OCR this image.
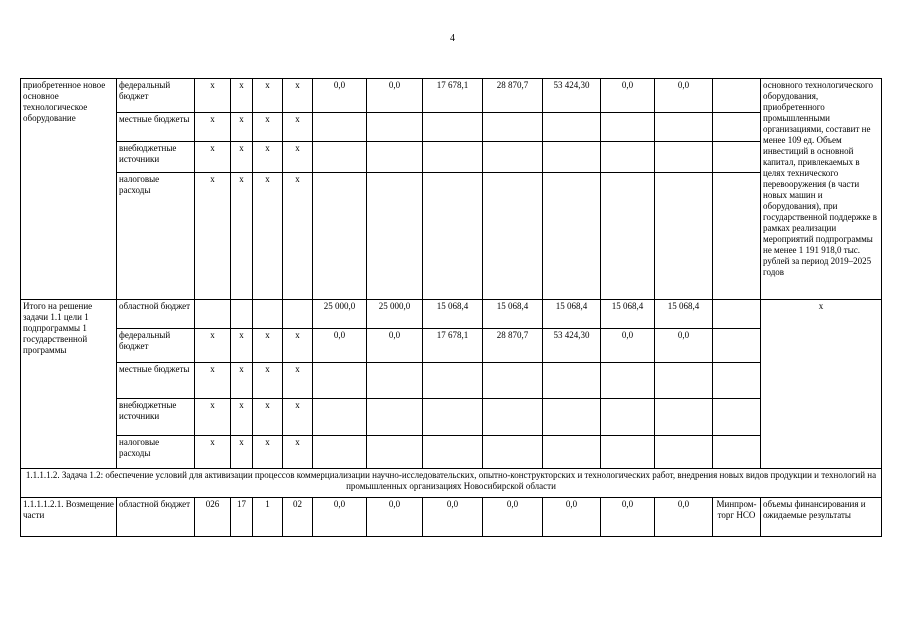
4
приобретенное новое основное технологическое оборудование	федеральный бюджет	х	х	х	х	0,0	0,0	17 678,1	28 870,7	53 424,30	0,0	0,0		основного технологического оборудования, приобретенного промышленными организациями, составит не менее 109 ед. Объем инвестиций в основной капитал, привлекаемых в целях технического перевооружения (в части новых машин и оборудования), при государственной поддержке в рамках реализации мероприятий подпрограммы не менее 1 191 918,0 тыс. рублей за период 2019–2025 годов
	местные бюджеты	х	х	х	х									
	внебюджетные источники	х	х	х	х									
	налоговые расходы	х	х	х	х									
Итого на решение задачи 1.1 цели 1 подпрограммы 1 государственной программы	областной бюджет					25 000,0	25 000,0	15 068,4	15 068,4	15 068,4	15 068,4	15 068,4		х
	федеральный бюджет	х	х	х	х	0,0	0,0	17 678,1	28 870,7	53 424,30	0,0	0,0		
	местные бюджеты	х	х	х	х									
	внебюджетные источники	х	х	х	х									
	налоговые расходы	х	х	х	х									
1.1.1.1.2. Задача 1.2: обеспечение условий для активизации процессов коммерциализации научно-исследовательских, опытно-конструкторских и технологических работ, внедрения новых видов продукции и технологий на промышленных организациях Новосибирской области														
1.1.1.1.2.1. Возмещение части	областной бюджет	026	17	1	02	0,0	0,0	0,0	0,0	0,0	0,0	0,0	Минпром-торг НСО	объемы финансирования и ожидаемые результаты
